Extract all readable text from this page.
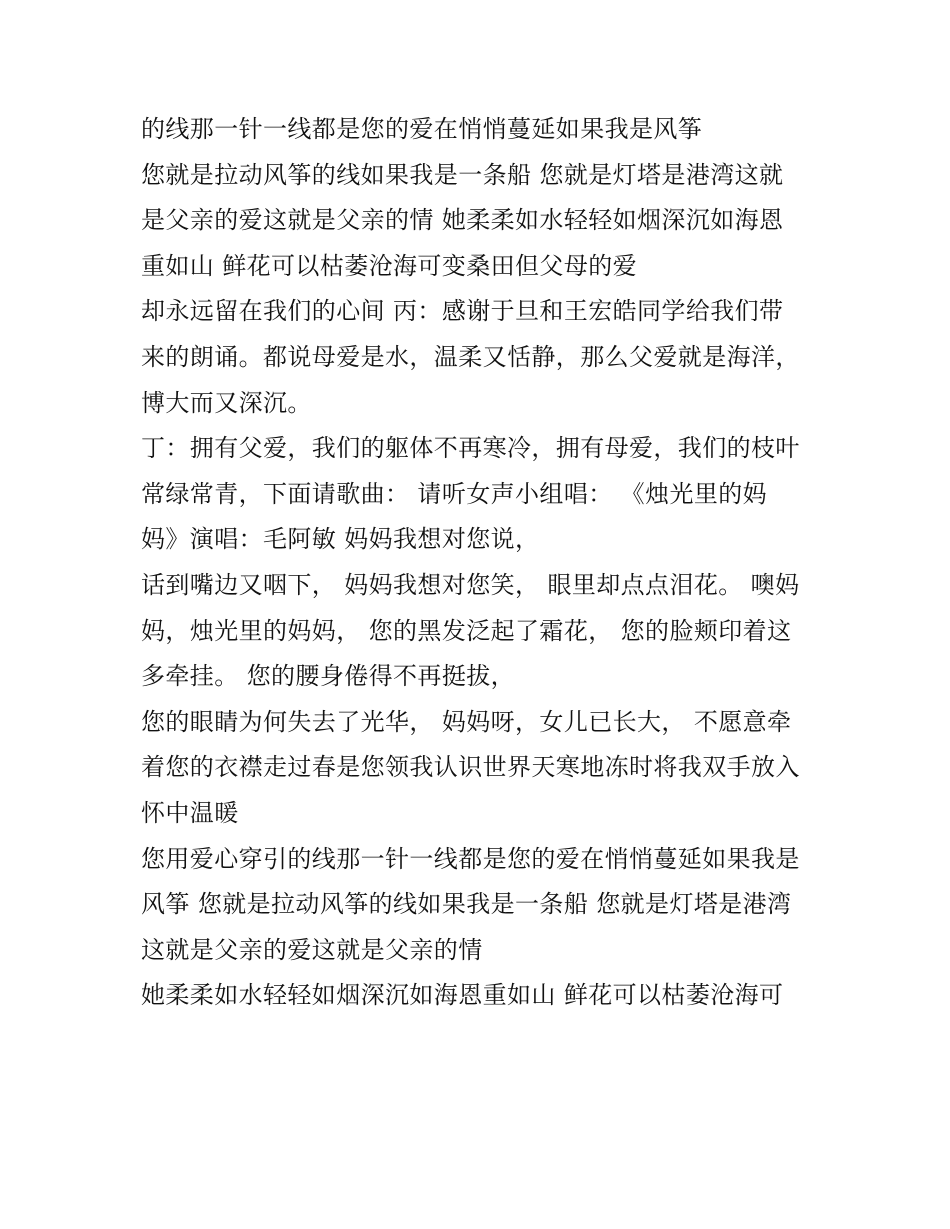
的线那一针一线都是您的爱在悄悄蔓延如果我是风筝
您就是拉动风筝的线如果我是一条船 您就是灯塔是港湾这就
是父亲的爱这就是父亲的情 她柔柔如水轻轻如烟深沉如海恩
重如山 鲜花可以枯萎沧海可变桑田但父母的爱
却永远留在我们的心间 丙：感谢于旦和王宏皓同学给我们带
来的朗诵。都说母爱是水，温柔又恬静，那么父爱就是海洋，
博大而又深沉。
丁：拥有父爱，我们的躯体不再寒冷，拥有母爱，我们的枝叶
常绿常青，下面请歌曲： 请听女声小组唱： 《烛光里的妈
妈》演唱：毛阿敏 妈妈我想对您说，
话到嘴边又咽下， 妈妈我想对您笑， 眼里却点点泪花。 噢妈
妈，烛光里的妈妈， 您的黑发泛起了霜花， 您的脸颊印着这
多牵挂。 您的腰身倦得不再挺拔，
您的眼睛为何失去了光华， 妈妈呀，女儿已长大， 不愿意牵
着您的衣襟走过春是您领我认识世界天寒地冻时将我双手放入
怀中温暖
您用爱心穿引的线那一针一线都是您的爱在悄悄蔓延如果我是
风筝 您就是拉动风筝的线如果我是一条船 您就是灯塔是港湾
这就是父亲的爱这就是父亲的情
她柔柔如水轻轻如烟深沉如海恩重如山 鲜花可以枯萎沧海可
